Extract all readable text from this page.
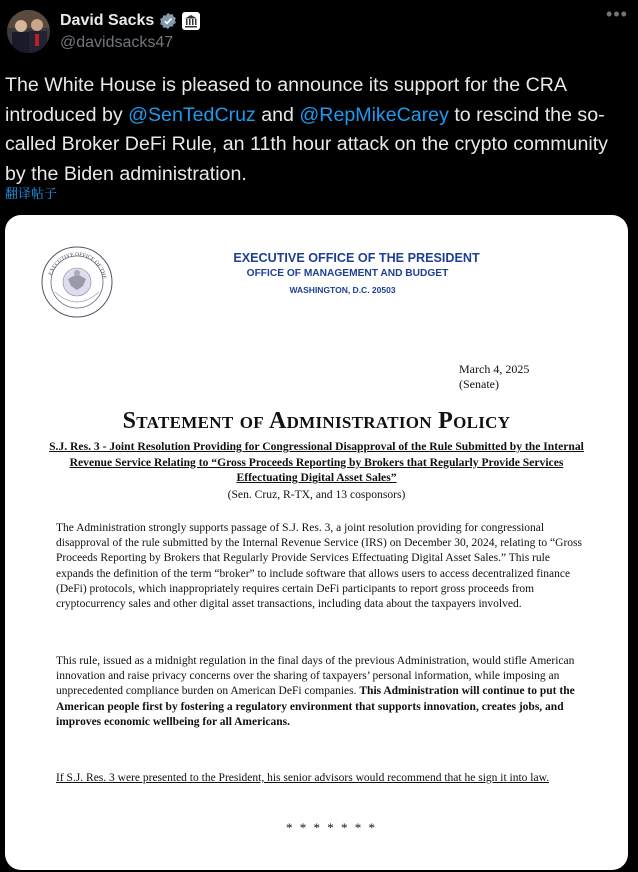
David Sacks
@davidsacks47
•••
The White House is pleased to announce its support for the CRA introduced by @SenTedCruz and @RepMikeCarey to rescind the so-called Broker DeFi Rule, an 11th hour attack on the crypto community by the Biden administration.
翻译帖子
EXECUTIVE OFFICE OF THE
EXECUTIVE OFFICE OF THE PRESIDENT
OFFICE OF MANAGEMENT AND BUDGET
WASHINGTON, D.C. 20503
March 4, 2025
(Senate)
Statement of Administration Policy
S.J. Res. 3 - Joint Resolution Providing for Congressional Disapproval of the Rule Submitted by the Internal Revenue Service Relating to “Gross Proceeds Reporting by Brokers that Regularly Provide Services Effectuating Digital Asset Sales”
(Sen. Cruz, R-TX, and 13 cosponsors)
The Administration strongly supports passage of S.J. Res. 3, a joint resolution providing for congressional disapproval of the rule submitted by the Internal Revenue Service (IRS) on December 30, 2024, relating to “Gross Proceeds Reporting by Brokers that Regularly Provide Services Effectuating Digital Asset Sales.” This rule expands the definition of the term “broker” to include software that allows users to access decentralized finance (DeFi) protocols, which inappropriately requires certain DeFi participants to report gross proceeds from cryptocurrency sales and other digital asset transactions, including data about the taxpayers involved.
This rule, issued as a midnight regulation in the final days of the previous Administration, would stifle American innovation and raise privacy concerns over the sharing of taxpayers’ personal information, while imposing an unprecedented compliance burden on American DeFi companies. This Administration will continue to put the American people first by fostering a regulatory environment that supports innovation, creates jobs, and improves economic wellbeing for all Americans.
If S.J. Res. 3 were presented to the President, his senior advisors would recommend that he sign it into law.
* * * * * * *
